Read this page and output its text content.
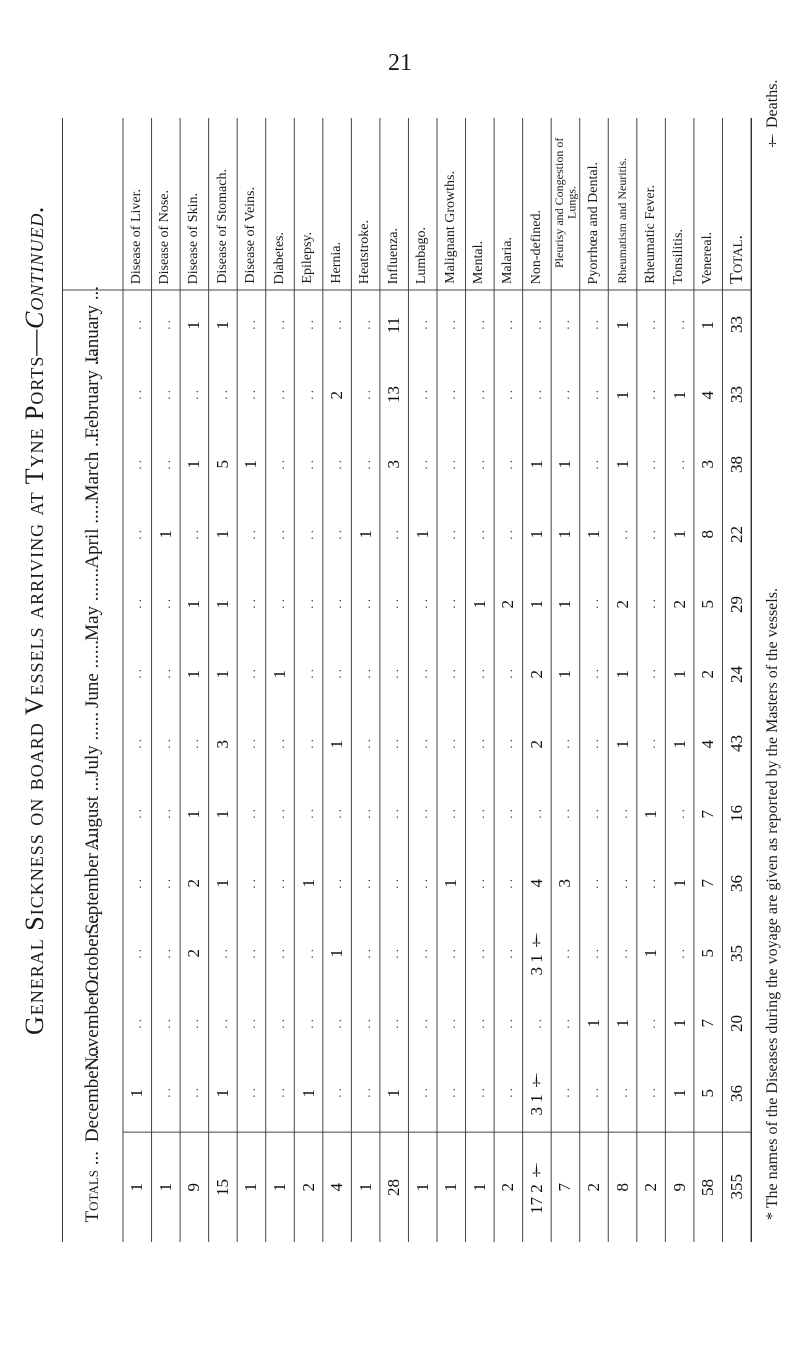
21
General Sickness on board Vessels arriving at Tyne Ports—
Continued.	Total.
33
33
38
22
29
24
43
16
36
35
20
36
355
Venereal.
1
4
3
8
5
2
4
7
7
5
7
5
58
Tonsilitis.
. .
1
. .
1
2
1
1
. .
1
. .
1
1
9
Rheumatic Fever.
. .
. .
. .
. .
. .
. .
. .
1
. .
1
. .
. .
2
Rheumatism and Neuritis.
1
1
1
. .
2
1
1
. .
. .
. .
1
. .
8
Pyorrhœa and Dental.
. .
. .
. .
1
. .
. .
. .
. .
. .
. .
1
. .
2
Pleurisy and Congestion of Lungs.
. .
. .
1
1
1
1
. .
. .
3
. .
. .
. .
7
Non-defined.
. .
. .
1
1
1
2
2
. .
4
3 1 †
. .
3 1 †
17 2 †
Malaria.
. .
. .
. .
. .
2
. .
. .
. .
. .
. .
. .
. .
2
Mental.
. .
. .
. .
. .
1
. .
. .
. .
. .
. .
. .
. .
1
Malignant Growths.
. .
. .
. .
. .
. .
. .
. .
. .
1
. .
. .
. .
1
Lumbago.
. .
. .
. .
1
. .
. .
. .
. .
. .
. .
. .
. .
1
Influenza.
11
13
3
. .
. .
. .
. .
. .
. .
. .
. .
1
28
Heatstroke.
. .
. .
. .
1
. .
. .
. .
. .
. .
. .
. .
. .
1
Hernia.
. .
2
. .
. .
. .
. .
1
. .
. .
1
. .
. .
4
Epilepsy.
. .
. .
. .
. .
. .
. .
. .
. .
1
. .
. .
1
2
Diabetes.
. .
. .
. .
. .
. .
1
. .
. .
. .
. .
. .
. .
1
Disease of Veins.
. .
. .
1
. .
. .
. .
. .
. .
. .
. .
. .
. .
1
Disease of Stomach.
1
. .
5
1
1
1
3
1
1
. .
. .
1
15
Disease of Skin.
1
. .
1
. .
1
1
. .
1
2
2
. .
. .
9
Disease of Nose.
. .
. .
. .
1
. .
. .
. .
. .
. .
. .
. .
. .
1
Disease of Liver.
. .
. .
. .
. .
. .
. .
. .
. .
. .
. .
. .
1
1
January ...
February ...
March ....
April .....
May .......
June ......
July ......
August ...
September ...
October ...
November ..
December ...
Totals ...	* The names of the Diseases during the voyage are given as reported by the Masters of the vessels.
† Deaths.
